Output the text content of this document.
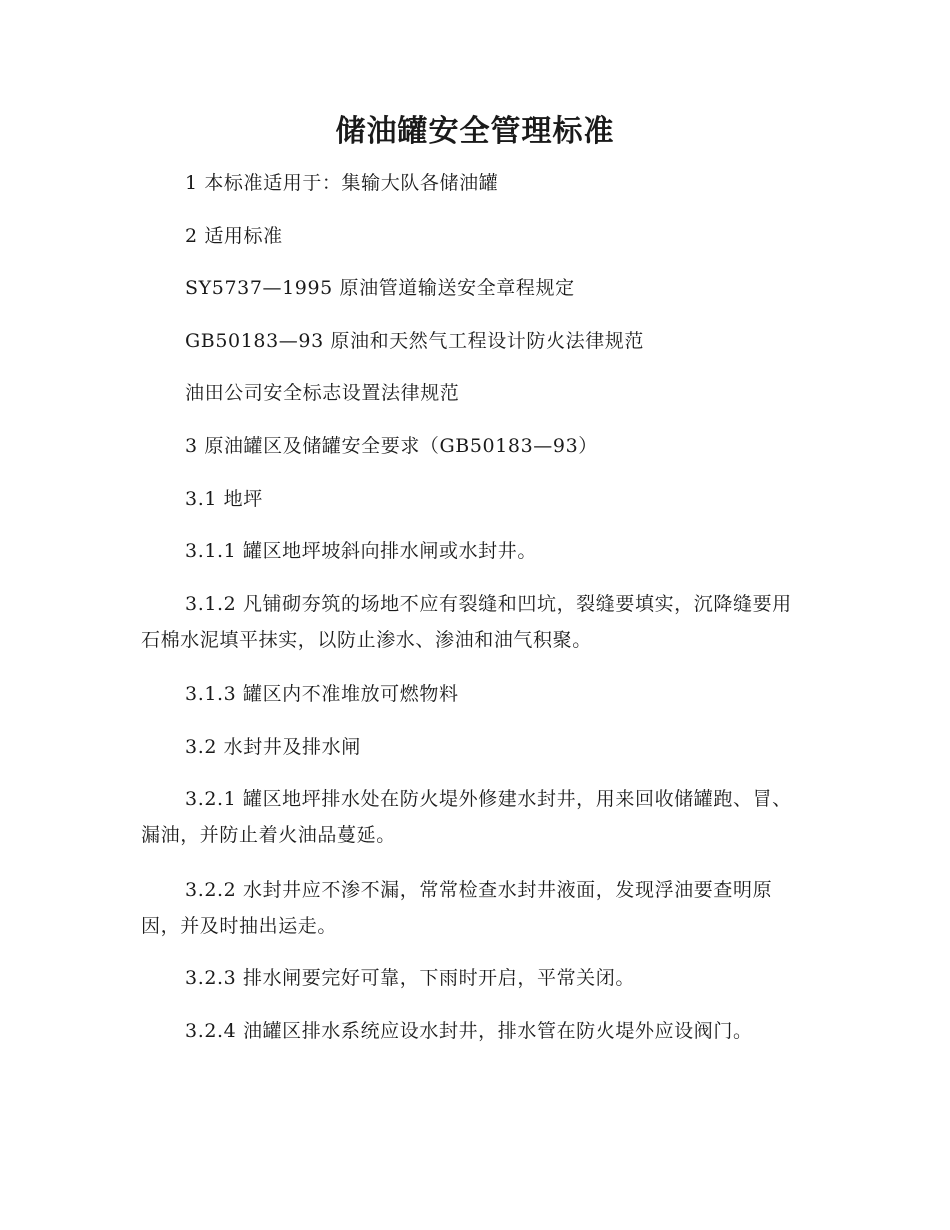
储油罐安全管理标准

1 本标准适用于：集输大队各储油罐

2 适用标准

SY5737—1995 原油管道输送安全章程规定

GB50183—93 原油和天然气工程设计防火法律规范

油田公司安全标志设置法律规范

3 原油罐区及储罐安全要求（GB50183—93）

3.1 地坪

3.1.1 罐区地坪坡斜向排水闸或水封井。

3.1.2 凡铺砌夯筑的场地不应有裂缝和凹坑，裂缝要填实，沉降缝要用石棉水泥填平抹实，以防止渗水、渗油和油气积聚。

3.1.3 罐区内不准堆放可燃物料

3.2 水封井及排水闸

3.2.1 罐区地坪排水处在防火堤外修建水封井，用来回收储罐跑、冒、漏油，并防止着火油品蔓延。

3.2.2 水封井应不渗不漏，常常检查水封井液面，发现浮油要查明原因，并及时抽出运走。

3.2.3 排水闸要完好可靠，下雨时开启，平常关闭。

3.2.4 油罐区排水系统应设水封井，排水管在防火堤外应设阀门。
